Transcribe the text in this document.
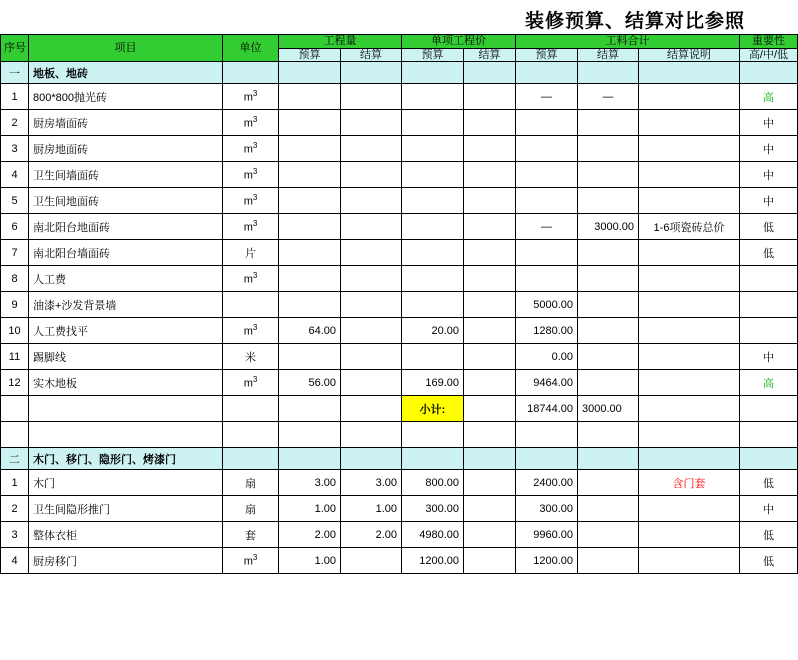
装修预算、结算对比参照
序号	项目	单位	工程量		单项工程价		工料合计			重要性
			预算	结算	预算	结算	预算	结算	结算说明	高/中/低
一	地板、地砖									
1	800*800抛光砖	$m^3$					—	—		高
2	厨房墙面砖	$m^3$								中
3	厨房地面砖	$m^3$								中
4	卫生间墙面砖	$m^3$								中
5	卫生间地面砖	$m^3$								中
6	南北阳台地面砖	$m^3$					—	3000.00	1-6项瓷砖总价	低
7	南北阳台墙面砖	片								低
8	人工费	$m^3$								
9	油漆+沙发背景墙						5000.00			
10	人工费找平	$m^3$	64.00		20.00		1280.00			
11	踢脚线	米					0.00			中
12	实木地板	$m^3$	56.00		169.00		9464.00			高
					小计:		18744.00	3000.00		

二	木门、移门、隐形门、烤漆门									
1	木门	扇	3.00	3.00	800.00		2400.00		含门套	低
2	卫生间隐形推门	扇	1.00	1.00	300.00		300.00			中
3	整体衣柜	套	2.00	2.00	4980.00		9960.00			低
4	厨房移门	$m^3$	1.00		1200.00		1200.00			低
